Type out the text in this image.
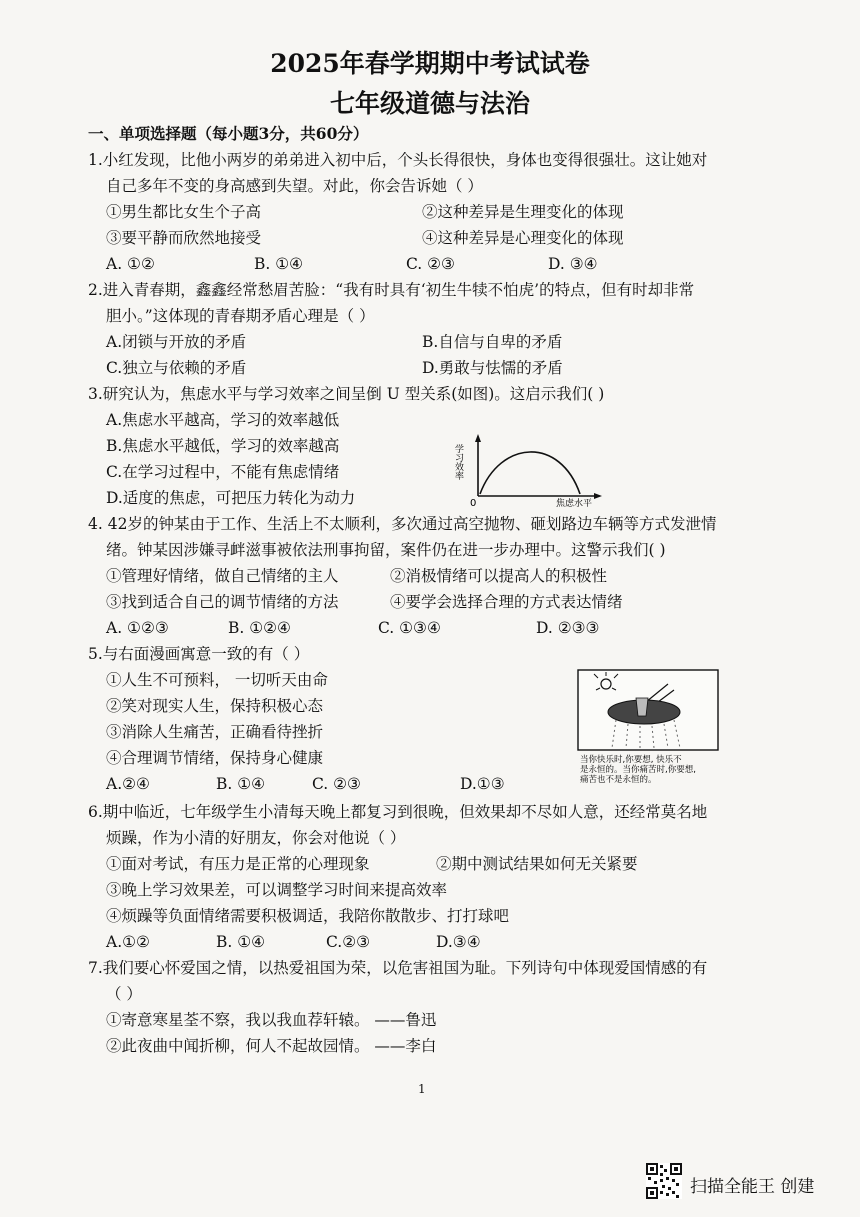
2025年春学期期中考试试卷
七年级道德与法治
一、单项选择题（每小题3分，共60分）
1.小红发现，比他小两岁的弟弟进入初中后，个头长得很快，身体也变得很强壮。这让她对
自己多年不变的身高感到失望。对此，你会告诉她（ ）
①男生都比女生个子高	②这种差异是生理变化的体现
③要平静而欣然地接受	④这种差异是心理变化的体现
A. ①②	B. ①④	C. ②③	D. ③④
2.进入青春期，鑫鑫经常愁眉苦脸：“我有时具有‘初生牛犊不怕虎’的特点，但有时却非常
胆小。”这体现的青春期矛盾心理是（ ）
A.闭锁与开放的矛盾	B.自信与自卑的矛盾
C.独立与依赖的矛盾	D.勇敢与怯懦的矛盾
3.研究认为，焦虑水平与学习效率之间呈倒 U 型关系(如图)。这启示我们( )
A.焦虑水平越高，学习的效率越低
B.焦虑水平越低，学习的效率越高
C.在学习过程中，不能有焦虑情绪
D.适度的焦虑，可把压力转化为动力
学习效率
0	焦虑水平
4. 42岁的钟某由于工作、生活上不太顺利，多次通过高空抛物、砸划路边车辆等方式发泄情
绪。钟某因涉嫌寻衅滋事被依法刑事拘留，案件仍在进一步办理中。这警示我们( )
①管理好情绪，做自己情绪的主人	②消极情绪可以提高人的积极性
③找到适合自己的调节情绪的方法	④要学会选择合理的方式表达情绪
A. ①②③	B. ①②④	C. ①③④	D. ②③③
5.与右面漫画寓意一致的有（ ）
①人生不可预料， 一切听天由命
②笑对现实人生，保持积极心态
③消除人生痛苦，正确看待挫折
④合理调节情绪，保持身心健康
A.②④	B. ①④	C. ②③	D.①③
当你快乐时,你要想, 快乐不
是永恒的。当你痛苦时,你要想,
痛苦也不是永恒的。
6.期中临近，七年级学生小清每天晚上都复习到很晚，但效果却不尽如人意，还经常莫名地
烦躁，作为小清的好朋友，你会对他说（ ）
①面对考试，有压力是正常的心理现象	②期中测试结果如何无关紧要
③晚上学习效果差，可以调整学习时间来提高效率
④烦躁等负面情绪需要积极调适，我陪你散散步、打打球吧
A.①②	B. ①④	C.②③	D.③④
7.我们要心怀爱国之情，以热爱祖国为荣，以危害祖国为耻。下列诗句中体现爱国情感的有
（ ）
①寄意寒星荃不察，我以我血荐轩辕。 ——鲁迅
②此夜曲中闻折柳，何人不起故园情。 ——李白
1
扫描全能王 创建
